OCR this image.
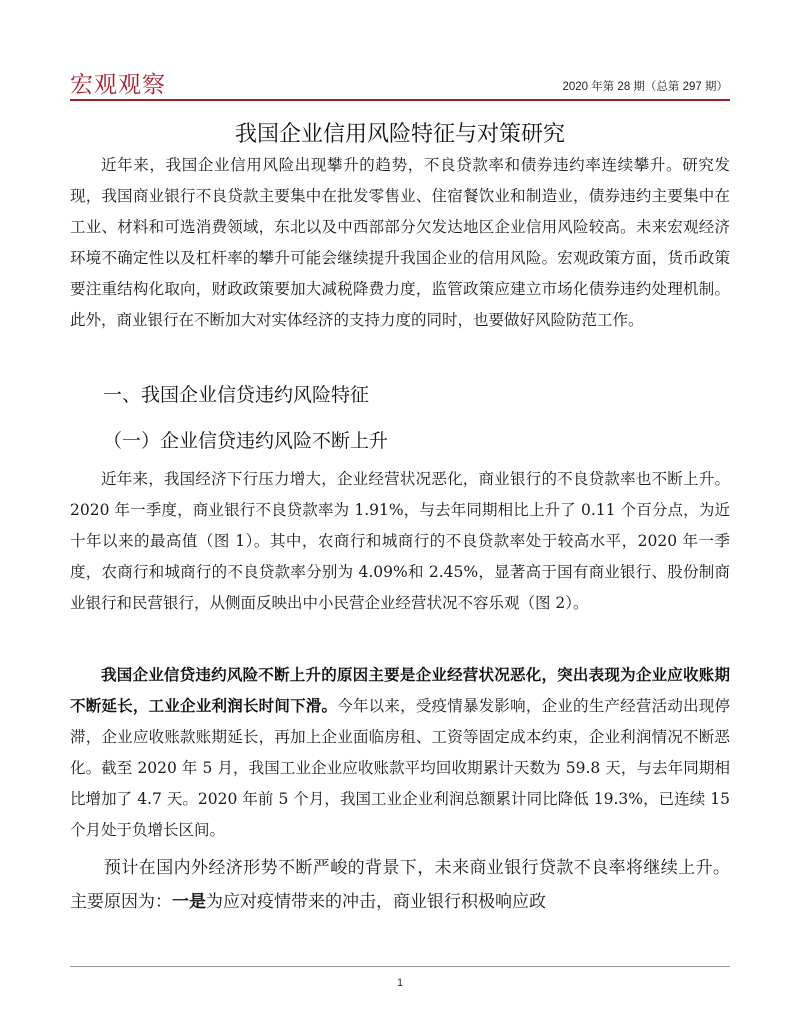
宏观观察	2020 年第 28 期（总第 297 期）
我国企业信用风险特征与对策研究

近年来，我国企业信用风险出现攀升的趋势，不良贷款率和债券违约率连续攀升。研究发现，我国商业银行不良贷款主要集中在批发零售业、住宿餐饮业和制造业，债券违约主要集中在工业、材料和可选消费领域，东北以及中西部部分欠发达地区企业信用风险较高。未来宏观经济环境不确定性以及杠杆率的攀升可能会继续提升我国企业的信用风险。宏观政策方面，货币政策要注重结构化取向，财政政策要加大减税降费力度，监管政策应建立市场化债券违约处理机制。此外，商业银行在不断加大对实体经济的支持力度的同时，也要做好风险防范工作。

一、我国企业信贷违约风险特征
（一）企业信贷违约风险不断上升

近年来，我国经济下行压力增大，企业经营状况恶化，商业银行的不良贷款率也不断上升。2020 年一季度，商业银行不良贷款率为 1.91%，与去年同期相比上升了 0.11 个百分点，为近十年以来的最高值（图 1）。其中，农商行和城商行的不良贷款率处于较高水平，2020 年一季度，农商行和城商行的不良贷款率分别为 4.09%和 2.45%，显著高于国有商业银行、股份制商业银行和民营银行，从侧面反映出中小民营企业经营状况不容乐观（图 2）。

我国企业信贷违约风险不断上升的原因主要是企业经营状况恶化，突出表现为企业应收账期不断延长，工业企业利润长时间下滑。今年以来，受疫情暴发影响，企业的生产经营活动出现停滞，企业应收账款账期延长，再加上企业面临房租、工资等固定成本约束，企业利润情况不断恶化。截至 2020 年 5 月，我国工业企业应收账款平均回收期累计天数为 59.8 天，与去年同期相比增加了 4.7 天。2020 年前 5 个月，我国工业企业利润总额累计同比降低 19.3%，已连续 15 个月处于负增长区间。

预计在国内外经济形势不断严峻的背景下，未来商业银行贷款不良率将继续上升。主要原因为：一是为应对疫情带来的冲击，商业银行积极响应政

1
